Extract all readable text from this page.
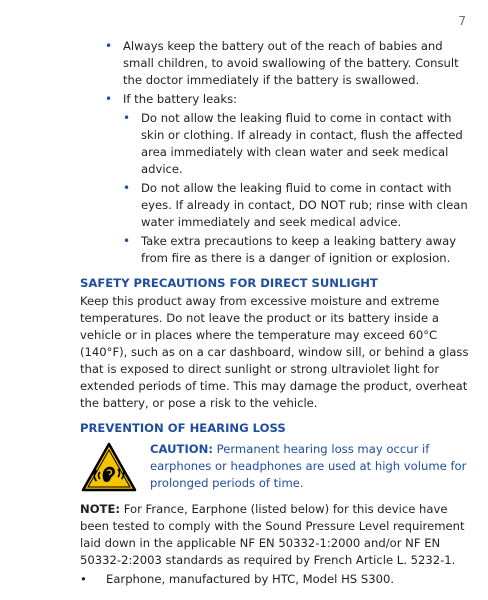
7
• Always keep the battery out of the reach of babies and small children, to avoid swallowing of the battery. Consult the doctor immediately if the battery is swallowed.
• If the battery leaks:
• Do not allow the leaking fluid to come in contact with skin or clothing. If already in contact, flush the affected area immediately with clean water and seek medical advice.
• Do not allow the leaking fluid to come in contact with eyes. If already in contact, DO NOT rub; rinse with clean water immediately and seek medical advice.
• Take extra precautions to keep a leaking battery away from fire as there is a danger of ignition or explosion.
SAFETY PRECAUTIONS FOR DIRECT SUNLIGHT

Keep this product away from excessive moisture and extreme temperatures. Do not leave the product or its battery inside a vehicle or in places where the temperature may exceed 60°C (140°F), such as on a car dashboard, window sill, or behind a glass that is exposed to direct sunlight or strong ultraviolet light for extended periods of time. This may damage the product, overheat the battery, or pose a risk to the vehicle.

PREVENTION OF HEARING LOSS
CAUTION: Permanent hearing loss may occur if earphones or headphones are used at high volume for prolonged periods of time.

NOTE: For France, Earphone (listed below) for this device have been tested to comply with the Sound Pressure Level requirement laid down in the applicable NF EN 50332-1:2000 and/or NF EN 50332-2:2003 standards as required by French Article L. 5232-1.

• Earphone, manufactured by HTC, Model HS S300.
